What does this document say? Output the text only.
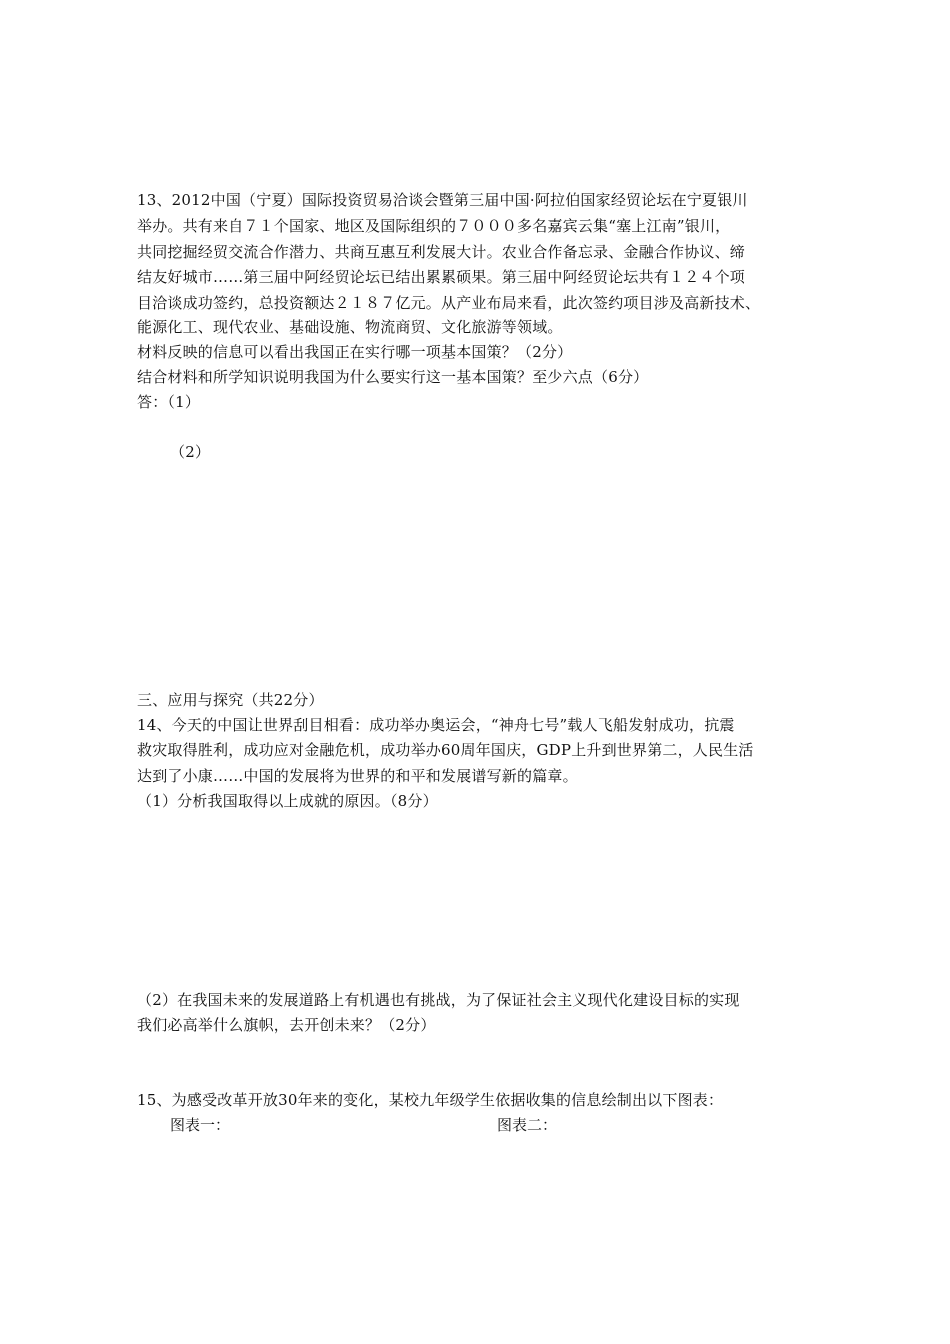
13、2012中国（宁夏）国际投资贸易洽谈会暨第三届中国·阿拉伯国家经贸论坛在宁夏银川
举办。共有来自７１个国家、地区及国际组织的７０００多名嘉宾云集“塞上江南”银川，
共同挖掘经贸交流合作潜力、共商互惠互利发展大计。农业合作备忘录、金融合作协议、缔
结友好城市……第三届中阿经贸论坛已结出累累硕果。第三届中阿经贸论坛共有１２４个项
目洽谈成功签约，总投资额达２１８７亿元。从产业布局来看，此次签约项目涉及高新技术、
能源化工、现代农业、基础设施、物流商贸、文化旅游等领域。
材料反映的信息可以看出我国正在实行哪一项基本国策？（2分）
结合材料和所学知识说明我国为什么要实行这一基本国策？至少六点（6分）
答：（1）
（2）
三、应用与探究（共22分）
14、今天的中国让世界刮目相看：成功举办奥运会，“神舟七号”载人飞船发射成功，抗震
救灾取得胜利，成功应对金融危机，成功举办60周年国庆，GDP上升到世界第二，人民生活
达到了小康……中国的发展将为世界的和平和发展谱写新的篇章。
（1）分析我国取得以上成就的原因。（8分）
（2）在我国未来的发展道路上有机遇也有挑战，为了保证社会主义现代化建设目标的实现
我们必高举什么旗帜，去开创未来？（2分）
15、为感受改革开放30年来的变化，某校九年级学生依据收集的信息绘制出以下图表：
图表一：	图表二：
